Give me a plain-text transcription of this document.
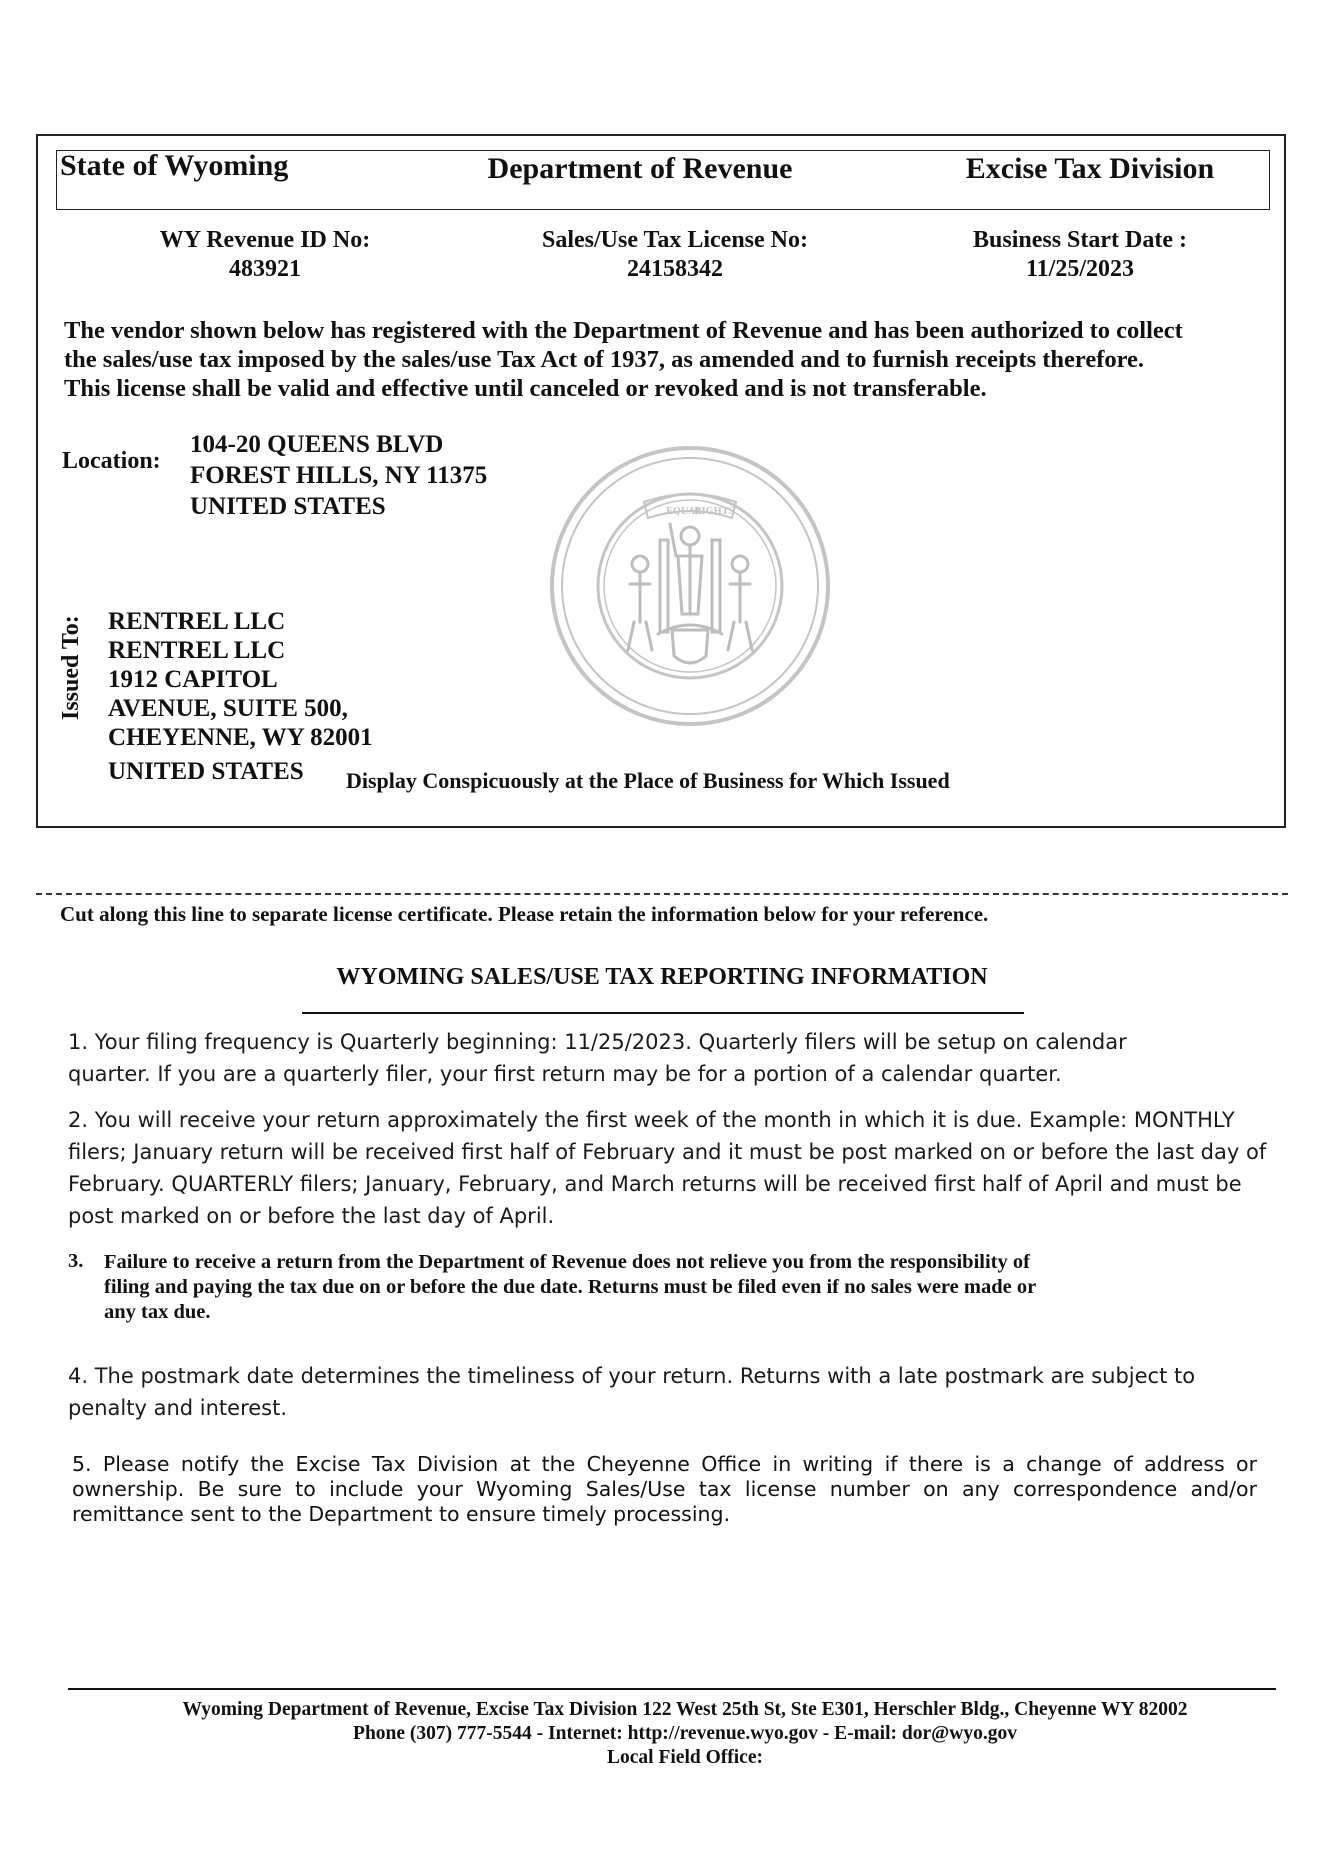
State of Wyoming	Department of Revenue	Excise Tax Division
WY Revenue ID No:
483921
Sales/Use Tax License No:
24158342
Business Start Date :
11/25/2023
The vendor shown below has registered with the Department of Revenue and has been authorized to collect
the sales/use tax imposed by the sales/use Tax Act of 1937, as amended and to furnish receipts therefore.
This license shall be valid and effective until canceled or revoked and is not transferable.
Location:
104-20 QUEENS BLVD
FOREST HILLS, NY 11375
UNITED STATES	EQUAL
RIGHTS
Issued To: RENTREL LLC
RENTREL LLC
1912 CAPITOL
AVENUE, SUITE 500,
CHEYENNE, WY 82001
UNITED STATES Display Conspicuously at the Place of Business for Which Issued
Cut along this line to separate license certificate. Please retain the information below for your reference.
WYOMING SALES/USE TAX REPORTING INFORMATION
1. Your filing frequency is Quarterly beginning: 11/25/2023. Quarterly filers will be setup on calendar
quarter. If you are a quarterly filer, your first return may be for a portion of a calendar quarter.
2. You will receive your return approximately the first week of the month in which it is due. Example: MONTHLY
filers; January return will be received first half of February and it must be post marked on or before the last day of
February. QUARTERLY filers; January, February, and March returns will be received first half of April and must be
post marked on or before the last day of April.
3. Failure to receive a return from the Department of Revenue does not relieve you from the responsibility of
filing and paying the tax due on or before the due date. Returns must be filed even if no sales were made or
any tax due.
4. The postmark date determines the timeliness of your return. Returns with a late postmark are subject to
penalty and interest.
5. Please notify the Excise Tax Division at the Cheyenne Office in writing if there is a change of address or ownership. Be sure to include your Wyoming Sales/Use tax license number on any correspondence and/or remittance sent to the Department to ensure timely processing.
Wyoming Department of Revenue, Excise Tax Division 122 West 25th St, Ste E301, Herschler Bldg., Cheyenne WY 82002
Phone (307) 777-5544 - Internet: http://revenue.wyo.gov - E-mail: dor@wyo.gov
Local Field Office:
